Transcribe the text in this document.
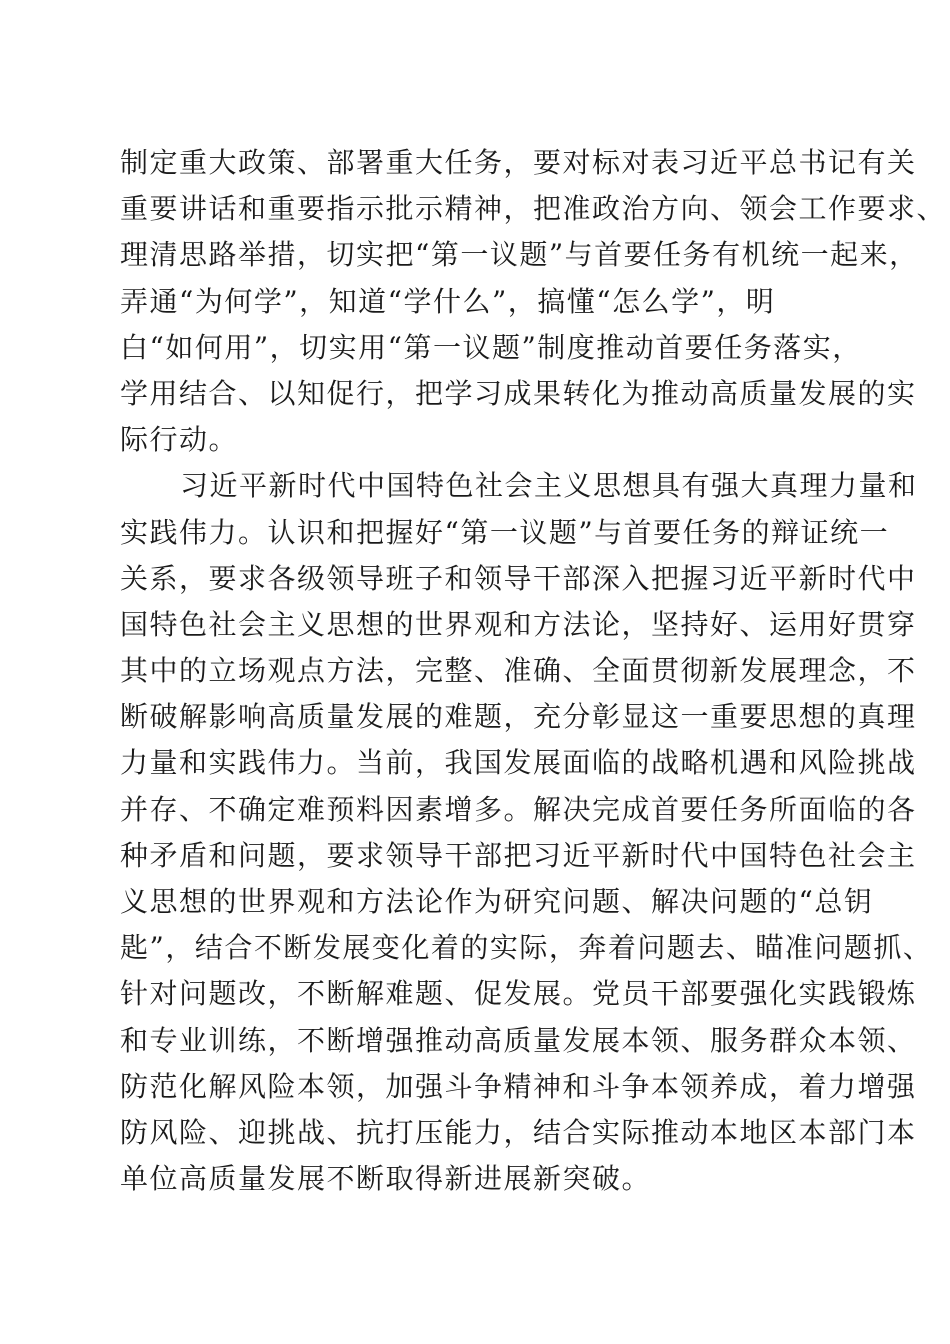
制定重大政策、部署重大任务，要对标对表习近平总书记有关
重要讲话和重要指示批示精神，把准政治方向、领会工作要求、
理清思路举措，切实把“第一议题”与首要任务有机统一起来，
弄通“为何学”，知道“学什么”，搞懂“怎么学”，明
白“如何用”，切实用“第一议题”制度推动首要任务落实，
学用结合、以知促行，把学习成果转化为推动高质量发展的实
际行动。
习近平新时代中国特色社会主义思想具有强大真理力量和
实践伟力。认识和把握好“第一议题”与首要任务的辩证统一
关系，要求各级领导班子和领导干部深入把握习近平新时代中
国特色社会主义思想的世界观和方法论，坚持好、运用好贯穿
其中的立场观点方法，完整、准确、全面贯彻新发展理念，不
断破解影响高质量发展的难题，充分彰显这一重要思想的真理
力量和实践伟力。当前，我国发展面临的战略机遇和风险挑战
并存、不确定难预料因素增多。解决完成首要任务所面临的各
种矛盾和问题，要求领导干部把习近平新时代中国特色社会主
义思想的世界观和方法论作为研究问题、解决问题的“总钥
匙”，结合不断发展变化着的实际，奔着问题去、瞄准问题抓、
针对问题改，不断解难题、促发展。党员干部要强化实践锻炼
和专业训练，不断增强推动高质量发展本领、服务群众本领、
防范化解风险本领，加强斗争精神和斗争本领养成，着力增强
防风险、迎挑战、抗打压能力，结合实际推动本地区本部门本
单位高质量发展不断取得新进展新突破。
